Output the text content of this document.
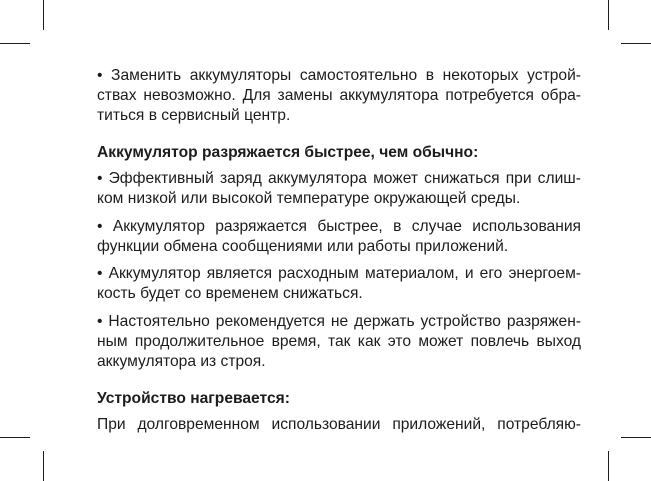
• Заменить аккумуляторы самостоятельно в некоторых устрой-
ствах невозможно. Для замены аккумулятора потребуется обра-
титься в сервисный центр.

Аккумулятор разряжается быстрее, чем обычно:

• Эффективный заряд аккумулятора может снижаться при слиш-
ком низкой или высокой температуре окружающей среды.

• Аккумулятор разряжается быстрее, в случае использования
функции обмена сообщениями или работы приложений.

• Аккумулятор является расходным материалом, и его энергоем-
кость будет со временем снижаться.

• Настоятельно рекомендуется не держать устройство разряжен-
ным продолжительное время, так как это может повлечь выход
аккумулятора из строя.

Устройство нагревается:

При долговременном использовании приложений, потребляю-
